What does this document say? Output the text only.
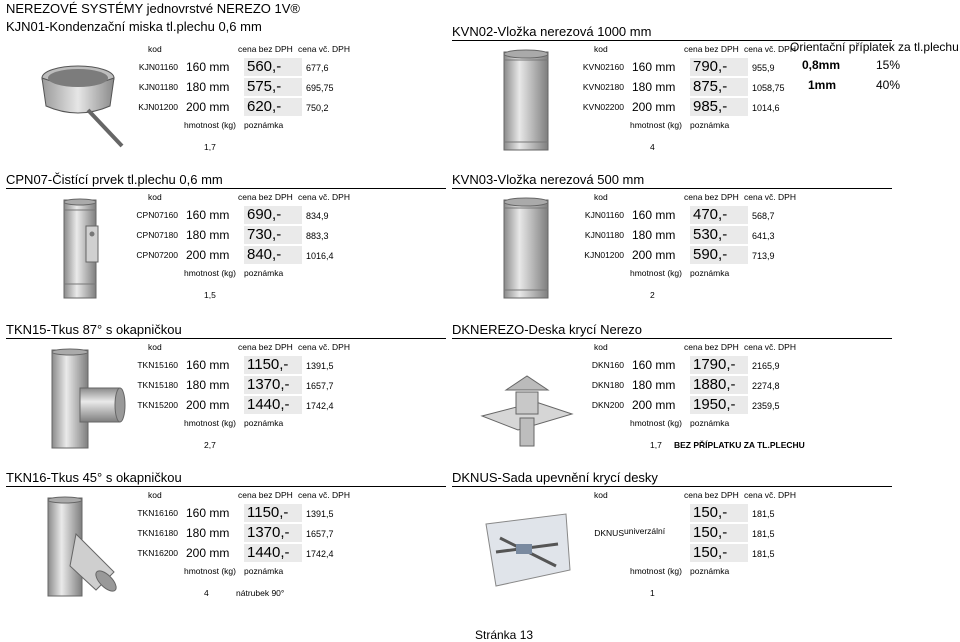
NEREZOVÉ SYSTÉMY jednovrstvé NEREZO 1V®
KJN01-Kondenzační miska tl.plechu 0,6 mm
Orientační příplatek za tl.plechu
0,8mm	15%
1mm	40%
kod	cena bez DPH cena vč. DPH
KJN01160 160 mm 560,-	677,6
KJN01180 180 mm 575,-	695,75
KJN01200 200 mm 620,-	750,2
hmotnost (kg) poznámka
1,7
KVN02-Vložka nerezová 1000 mm
kod	cena bez DPH cena vč. DPH
KVN02160 160 mm 790,-	955,9
KVN02180 180 mm 875,-	1058,75
KVN02200 200 mm 985,-	1014,6
hmotnost (kg) poznámka
4
CPN07-Čistící prvek tl.plechu 0,6 mm
kod	cena bez DPH cena vč. DPH
CPN07160 160 mm 690,-	834,9
CPN07180 180 mm 730,-	883,3
CPN07200 200 mm 840,-	1016,4
hmotnost (kg) poznámka
1,5
KVN03-Vložka nerezová 500 mm
kod	cena bez DPH cena vč. DPH
KJN01160 160 mm 470,-	568,7
KJN01180 180 mm 530,-	641,3
KJN01200 200 mm 590,-	713,9
hmotnost (kg) poznámka
2
TKN15-Tkus 87° s okapničkou
kod	cena bez DPH cena vč. DPH
TKN15160 160 mm 1150,-	1391,5
TKN15180 180 mm 1370,-	1657,7
TKN15200 200 mm 1440,-	1742,4
hmotnost (kg) poznámka
2,7
DKNEREZO-Deska krycí Nerezo
kod	cena bez DPH cena vč. DPH
DKN160 160 mm 1790,-	2165,9
DKN180 180 mm 1880,-	2274,8
DKN200 200 mm 1950,-	2359,5
hmotnost (kg) poznámka
1,7 BEZ PŘÍPLATKU ZA TL.PLECHU
TKN16-Tkus 45° s okapničkou
kod	cena bez DPH cena vč. DPH
TKN16160 160 mm 1150,-	1391,5
TKN16180 180 mm 1370,-	1657,7
TKN16200 200 mm 1440,-	1742,4
hmotnost (kg) poznámka
4	nátrubek 90°
DKNUS-Sada upevnění krycí desky
kod	cena bez DPH cena vč. DPH
150,-	181,5
DKNUS univerzální 150,-	181,5
150,-	181,5
hmotnost (kg) poznámka
1
Stránka 13
